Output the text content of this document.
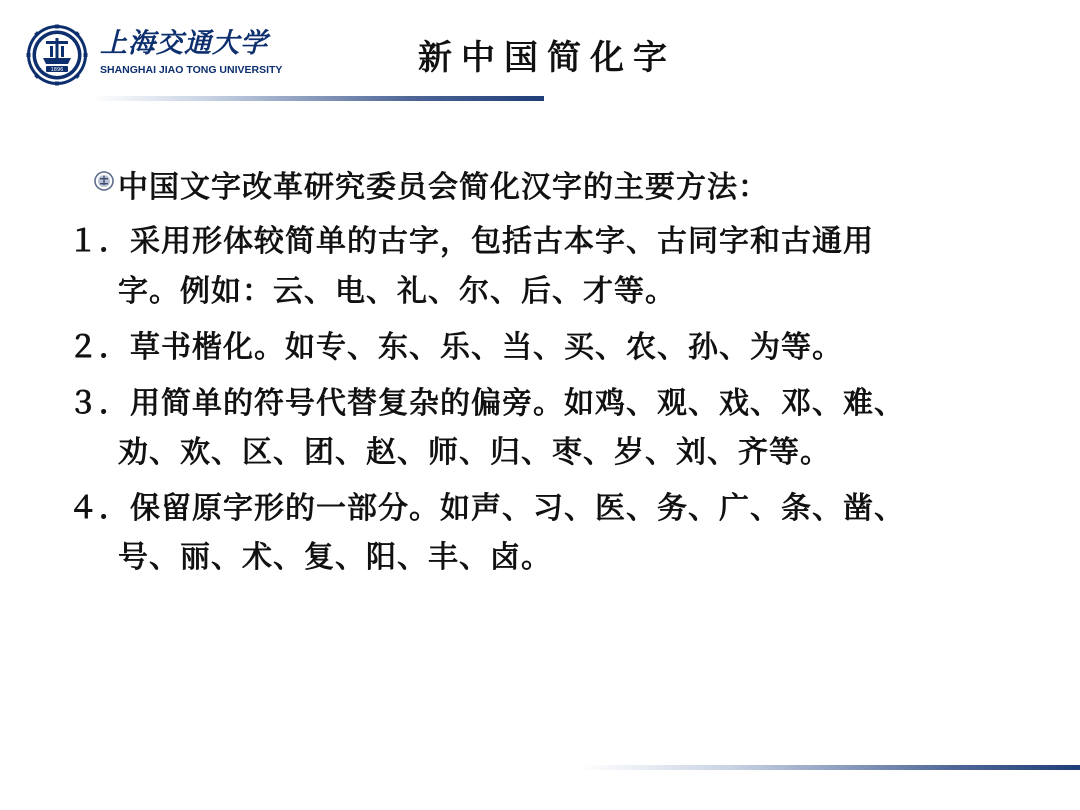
1896
上海交通大学
SHANGHAI JIAO TONG UNIVERSITY	新中国简化字
中国文字改革研究委员会简化汉字的主要方法：
１．采用形体较简单的古字，包括古本字、古同字和古通用
字。例如：云、电、礼、尔、后、才等。
２．草书楷化。如专、东、乐、当、买、农、孙、为等。
３．用简单的符号代替复杂的偏旁。如鸡、观、戏、邓、难、
劝、欢、区、团、赵、师、归、枣、岁、刘、齐等。
４．保留原字形的一部分。如声、习、医、务、广、条、凿、
号、丽、术、复、阳、丰、卤。
